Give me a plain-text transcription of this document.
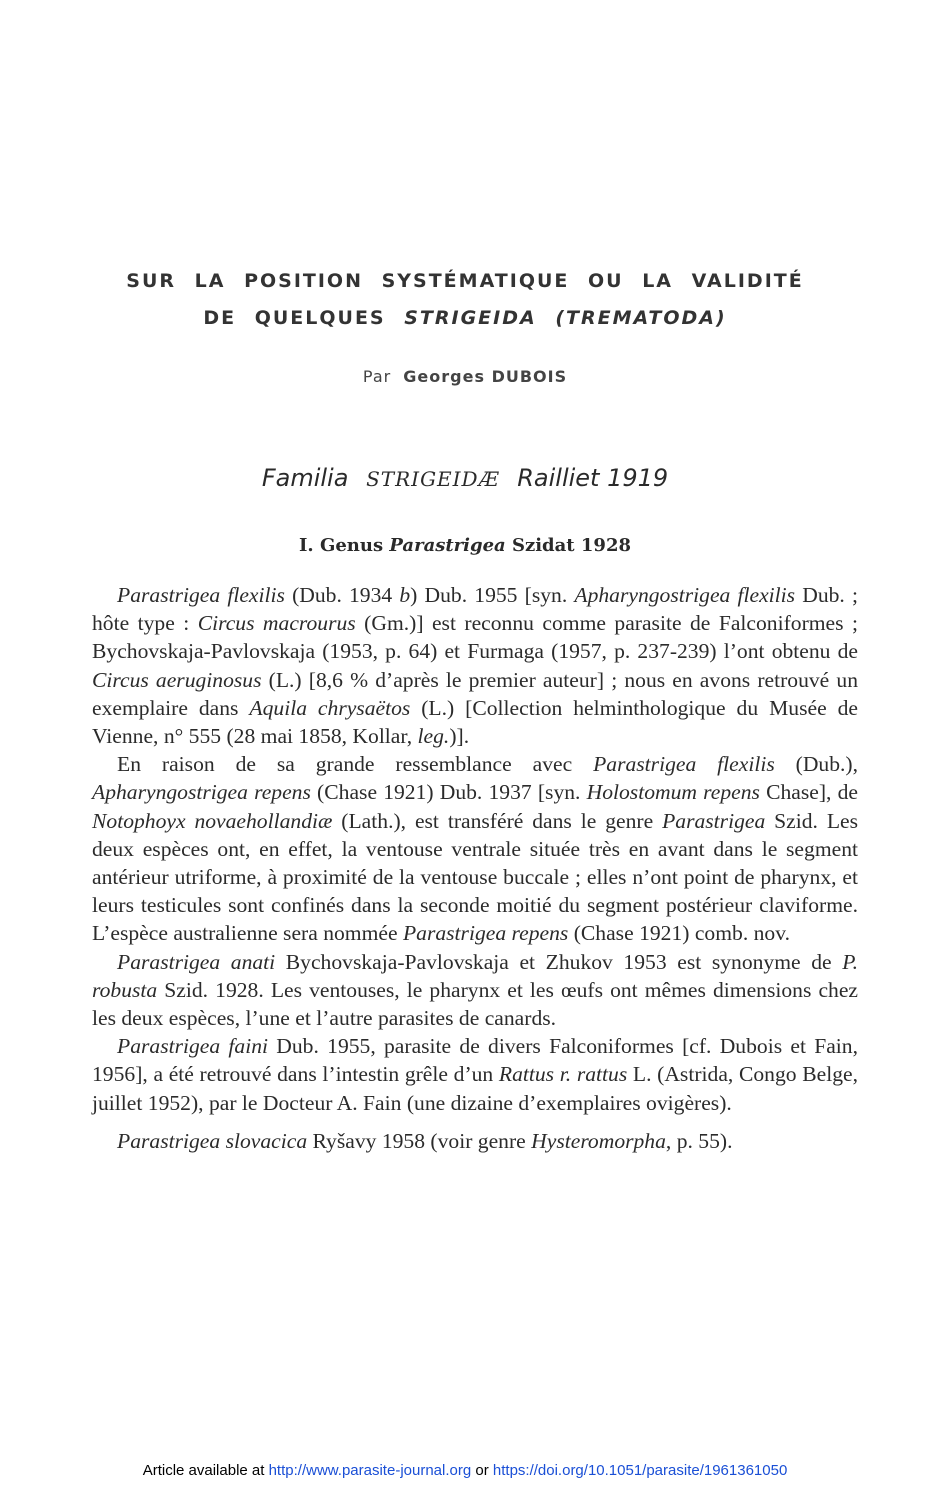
SUR LA POSITION SYSTÉMATIQUE OU LA VALIDITÉ
DE QUELQUES STRIGEIDA (TREMATODA)
Par Georges DUBOIS
Familia STRIGEIDÆ Railliet 1919
I. Genus Parastrigea Szidat 1928

Parastrigea flexilis (Dub. 1934 b) Dub. 1955 [syn. Apharyngostrigea flexilis Dub. ; hôte type : Circus macrourus (Gm.)] est reconnu comme parasite de Falconiformes ; Bychovskaja-Pavlovskaja (1953, p. 64) et Furmaga (1957, p. 237-239) l’ont obtenu de Circus aeruginosus (L.) [8,6 % d’après le premier auteur] ; nous en avons retrouvé un exemplaire dans Aquila chrysaëtos (L.) [Collection helminthologique du Musée de Vienne, n° 555 (28 mai 1858, Kollar, leg.)].

En raison de sa grande ressemblance avec Parastrigea flexilis (Dub.), Apharyngostrigea repens (Chase 1921) Dub. 1937 [syn. Holostomum repens Chase], de Notophoyx novaehollandiæ (Lath.), est transféré dans le genre Parastrigea Szid. Les deux espèces ont, en effet, la ventouse ventrale située très en avant dans le segment antérieur utriforme, à proximité de la ventouse buccale ; elles n’ont point de pharynx, et leurs testicules sont confinés dans la seconde moitié du segment postérieur claviforme. L’espèce australienne sera nommée Parastrigea repens (Chase 1921) comb. nov.

Parastrigea anati Bychovskaja-Pavlovskaja et Zhukov 1953 est synonyme de P. robusta Szid. 1928. Les ventouses, le pharynx et les œufs ont mêmes dimensions chez les deux espèces, l’une et l’autre parasites de canards.

Parastrigea faini Dub. 1955, parasite de divers Falconiformes [cf. Dubois et Fain, 1956], a été retrouvé dans l’intestin grêle d’un Rattus r. rattus L. (Astrida, Congo Belge, juillet 1952), par le Docteur A. Fain (une dizaine d’exemplaires ovigères).

Parastrigea slovacica Ryšavy 1958 (voir genre Hysteromorpha, p. 55).

Article available at http://www.parasite-journal.org or https://doi.org/10.1051/parasite/1961361050
